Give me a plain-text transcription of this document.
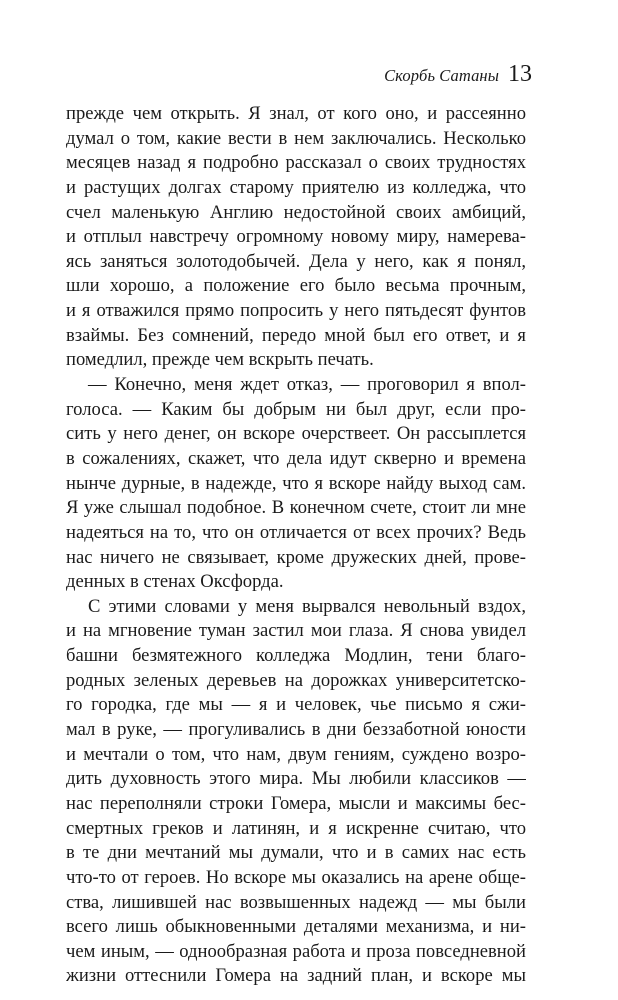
Скорбь Сатаны 13
прежде чем открыть. Я знал, от кого оно, и рассеянно
думал о том, какие вести в нем заключались. Несколько
месяцев назад я подробно рассказал о своих трудностях
и растущих долгах старому приятелю из колледжа, что
счел маленькую Англию недостойной своих амбиций,
и отплыл навстречу огромному новому миру, намерева-
ясь заняться золотодобычей. Дела у него, как я понял,
шли хорошо, а положение его было весьма прочным,
и я отважился прямо попросить у него пятьдесят фунтов
взаймы. Без сомнений, передо мной был его ответ, и я
помедлил, прежде чем вскрыть печать.
— Конечно, меня ждет отказ, — проговорил я впол-
голоса. — Каким бы добрым ни был друг, если про-
сить у него денег, он вскоре очерствеет. Он рассыплется
в сожалениях, скажет, что дела идут скверно и времена
нынче дурные, в надежде, что я вскоре найду выход сам.
Я уже слышал подобное. В конечном счете, стоит ли мне
надеяться на то, что он отличается от всех прочих? Ведь
нас ничего не связывает, кроме дружеских дней, прове-
денных в стенах Оксфорда.
С этими словами у меня вырвался невольный вздох,
и на мгновение туман застил мои глаза. Я снова увидел
башни безмятежного колледжа Модлин, тени благо-
родных зеленых деревьев на дорожках университетско-
го городка, где мы — я и человек, чье письмо я сжи-
мал в руке, — прогуливались в дни беззаботной юности
и мечтали о том, что нам, двум гениям, суждено возро-
дить духовность этого мира. Мы любили классиков —
нас переполняли строки Гомера, мысли и максимы бес-
смертных греков и латинян, и я искренне считаю, что
в те дни мечтаний мы думали, что и в самих нас есть
что-то от героев. Но вскоре мы оказались на арене обще-
ства, лишившей нас возвышенных надежд — мы были
всего лишь обыкновенными деталями механизма, и ни-
чем иным, — однообразная работа и проза повседневной
жизни оттеснили Гомера на задний план, и вскоре мы
